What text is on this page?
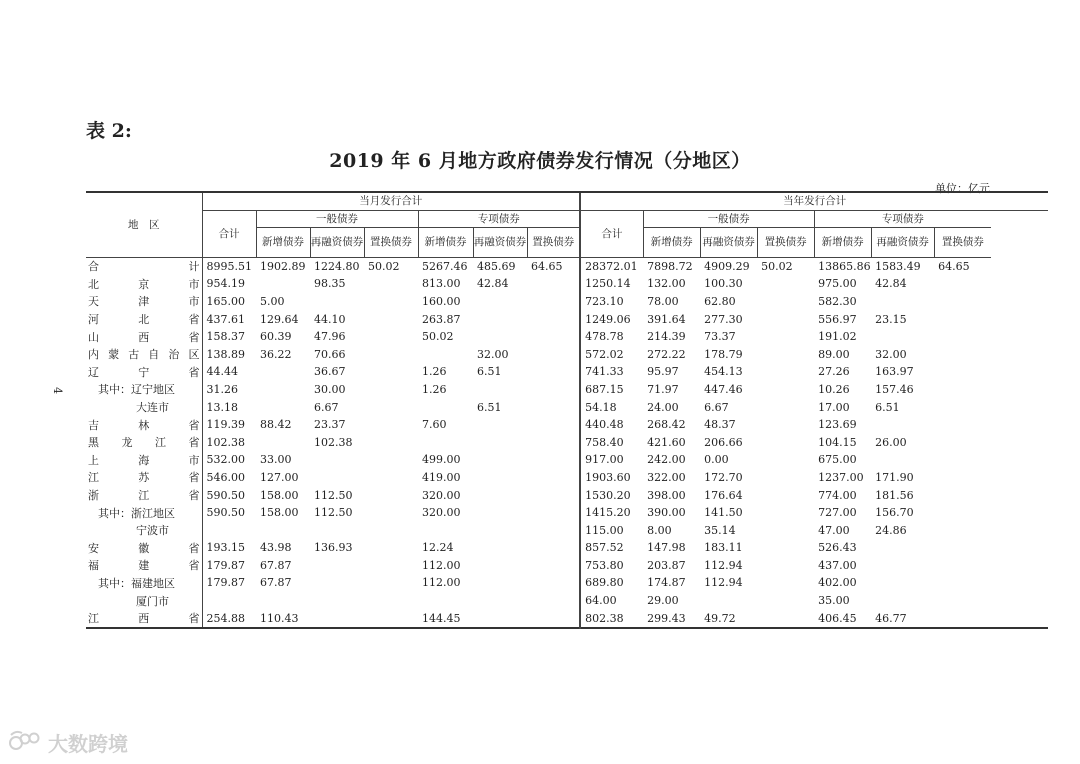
表 2:
2019 年 6 月地方政府债券发行情况（分地区）
单位：亿元
4
地　区	当月发行合计							当年发行合计						
	合计	一般债券			专项债券			合计	一般债券			专项债券		
		新增债券	再融资债券	置换债券	新增债券	再融资债券	置换债券		新增债券	再融资债券	置换债券	新增债券	再融资债券	置换债券
合　　计	8995.51	1902.89	1224.80	50.02	5267.46	485.69	64.65	28372.01	7898.72	4909.29	50.02	13865.86	1583.49	64.65
北京市	954.19		98.35		813.00	42.84		1250.14	132.00	100.30		975.00	42.84	
天津市	165.00	5.00			160.00			723.10	78.00	62.80		582.30		
河北省	437.61	129.64	44.10		263.87			1249.06	391.64	277.30		556.97	23.15	
山西省	158.37	60.39	47.96		50.02			478.78	214.39	73.37		191.02		
内蒙古自治区	138.89	36.22	70.66			32.00		572.02	272.22	178.79		89.00	32.00	
辽宁省	44.44		36.67		1.26	6.51		741.33	95.97	454.13		27.26	163.97	
其中：辽宁地区	31.26		30.00		1.26			687.15	71.97	447.46		10.26	157.46	
大连市	13.18		6.67			6.51		54.18	24.00	6.67		17.00	6.51	
吉林省	119.39	88.42	23.37		7.60			440.48	268.42	48.37		123.69		
黑龙江省	102.38		102.38					758.40	421.60	206.66		104.15	26.00	
上海市	532.00	33.00			499.00			917.00	242.00	0.00		675.00		
江苏省	546.00	127.00			419.00			1903.60	322.00	172.70		1237.00	171.90	
浙江省	590.50	158.00	112.50		320.00			1530.20	398.00	176.64		774.00	181.56	
其中：浙江地区	590.50	158.00	112.50		320.00			1415.20	390.00	141.50		727.00	156.70	
宁波市								115.00	8.00	35.14		47.00	24.86	
安徽省	193.15	43.98	136.93		12.24			857.52	147.98	183.11		526.43		
福建省	179.87	67.87			112.00			753.80	203.87	112.94		437.00		
其中：福建地区	179.87	67.87			112.00			689.80	174.87	112.94		402.00		
厦门市								64.00	29.00			35.00		
江西省	254.88	110.43			144.45			802.38	299.43	49.72		406.45	46.77	
大数跨境
